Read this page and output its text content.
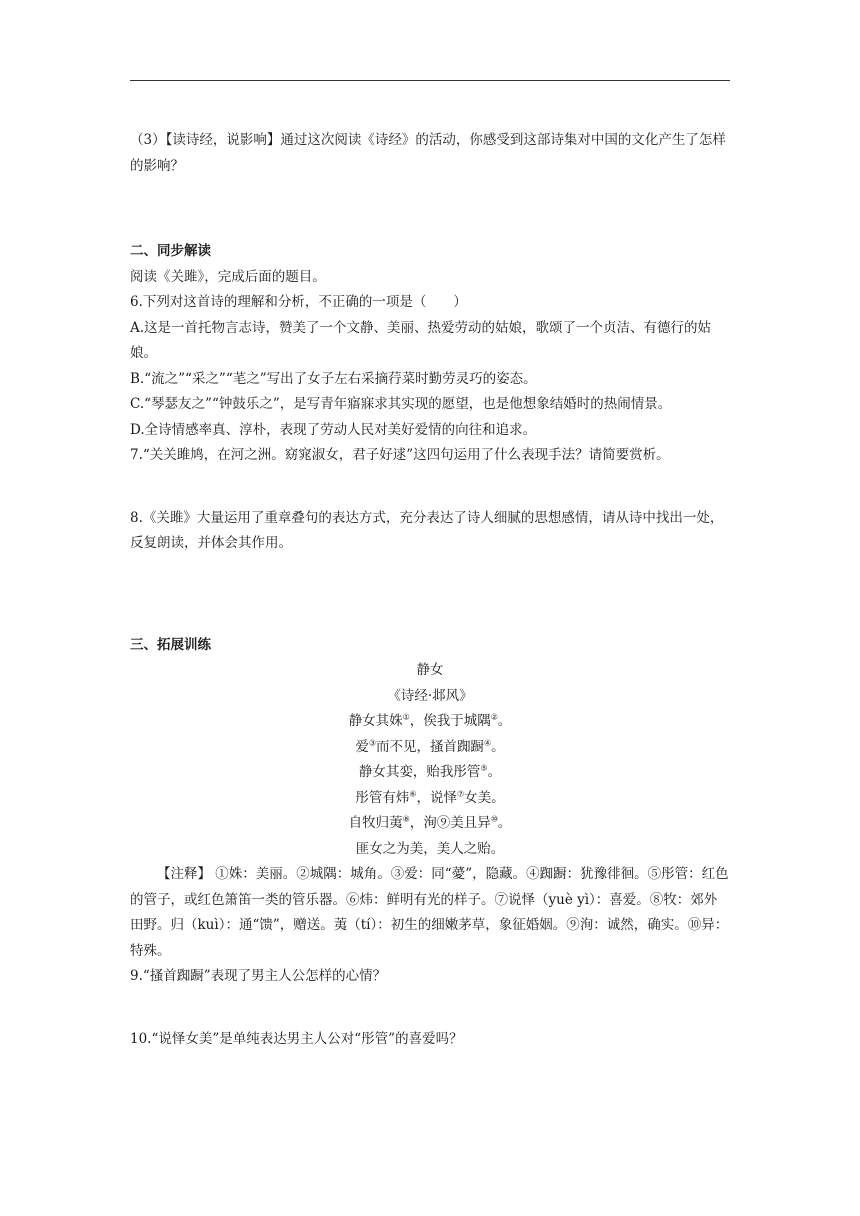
（3）【读诗经，说影响】通过这次阅读《诗经》的活动，你感受到这部诗集对中国的文化产生了怎样的影响？

二、同步解读

阅读《关雎》，完成后面的题目。

6.下列对这首诗的理解和分析，不正确的一项是（　　）

A.这是一首托物言志诗，赞美了一个文静、美丽、热爱劳动的姑娘，歌颂了一个贞洁、有德行的姑娘。

B.“流之”“采之”“芼之”写出了女子左右采摘荇菜时勤劳灵巧的姿态。

C.“琴瑟友之”“钟鼓乐之”，是写青年寤寐求其实现的愿望，也是他想象结婚时的热闹情景。

D.全诗情感率真、淳朴，表现了劳动人民对美好爱情的向往和追求。

7.“关关雎鸠，在河之洲。窈窕淑女，君子好逑”这四句运用了什么表现手法？请简要赏析。

8.《关雎》大量运用了重章叠句的表达方式，充分表达了诗人细腻的思想感情，请从诗中找出一处，反复朗读，并体会其作用。

三、拓展训练

静女

《诗经·邶风》

静女其姝①，俟我于城隅②。

爱③而不见，搔首踟蹰④。

静女其娈，贻我彤管⑤。

彤管有炜⑥，说怿⑦女美。

自牧归荑⑧，洵⑨美且异⑩。

匪女之为美，美人之贻。

【注释】 ①姝：美丽。②城隅：城角。③爱：同“薆”，隐藏。④踟蹰：犹豫徘徊。⑤彤管：红色的管子，或红色箫笛一类的管乐器。⑥炜：鲜明有光的样子。⑦说怿（yuè yì）：喜爱。⑧牧：郊外田野。归（kuì）：通“馈”，赠送。荑（tí）：初生的细嫩茅草，象征婚姻。⑨洵：诚然，确实。⑩异：特殊。

9.“搔首踟蹰”表现了男主人公怎样的心情？

10.“说怿女美”是单纯表达男主人公对“彤管”的喜爱吗？
